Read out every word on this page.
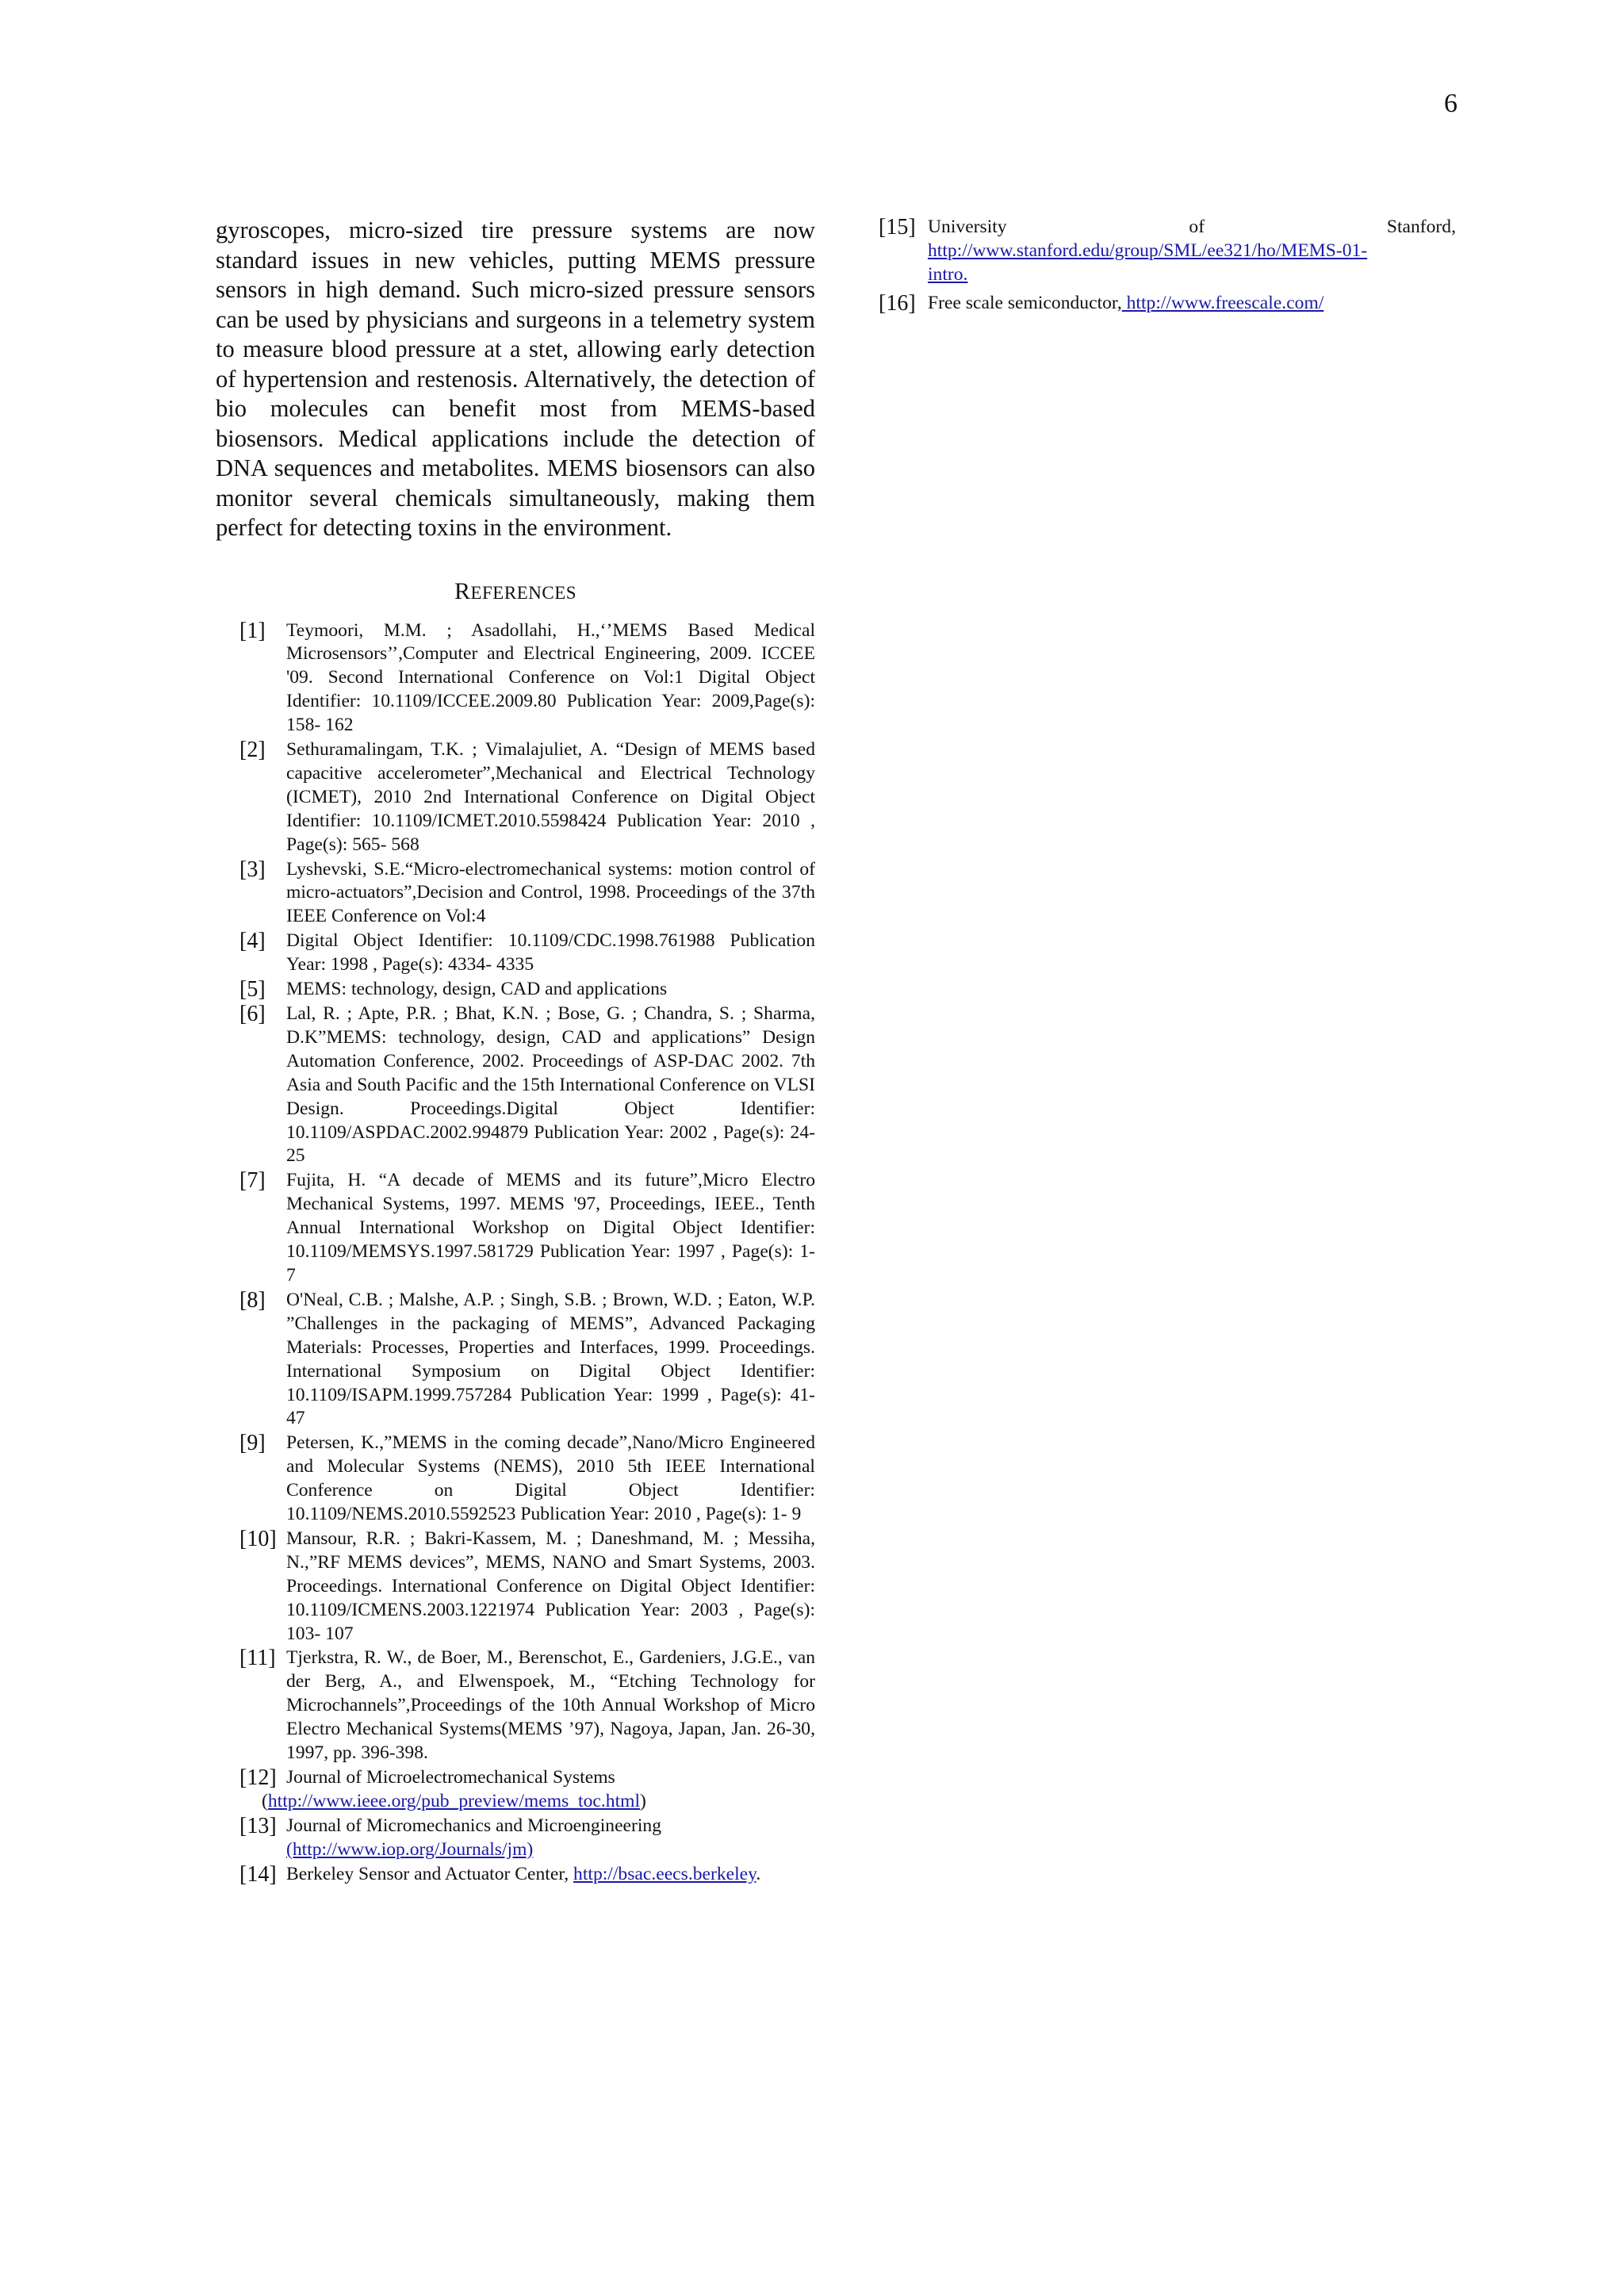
6

gyroscopes, micro-sized tire pressure systems are now standard issues in new vehicles, putting MEMS pressure sensors in high demand. Such micro-sized pressure sensors can be used by physicians and surgeons in a telemetry system to measure blood pressure at a stet, allowing early detection of hypertension and restenosis. Alternatively, the detection of bio molecules can benefit most from MEMS-based biosensors. Medical applications include the detection of DNA sequences and metabolites. MEMS biosensors can also monitor several chemicals simultaneously, making them perfect for detecting toxins in the environment.

REFERENCES
[1] Teymoori, M.M. ; Asadollahi, H.,‘’MEMS Based Medical Microsensors’’,Computer and Electrical Engineering, 2009. ICCEE '09. Second International Conference on Vol:1 Digital Object Identifier: 10.1109/ICCEE.2009.80 Publication Year: 2009,Page(s): 158- 162
[2] Sethuramalingam, T.K. ; Vimalajuliet, A. “Design of MEMS based capacitive accelerometer”,Mechanical and Electrical Technology (ICMET), 2010 2nd International Conference on Digital Object Identifier: 10.1109/ICMET.2010.5598424 Publication Year: 2010 , Page(s): 565- 568
[3] Lyshevski, S.E.“Micro-electromechanical systems: motion control of micro-actuators”,Decision and Control, 1998. Proceedings of the 37th IEEE Conference on Vol:4
[4] Digital Object Identifier: 10.1109/CDC.1998.761988 Publication Year: 1998 , Page(s): 4334- 4335
[5] MEMS: technology, design, CAD and applications
[6] Lal, R. ; Apte, P.R. ; Bhat, K.N. ; Bose, G. ; Chandra, S. ; Sharma, D.K”MEMS: technology, design, CAD and applications” Design Automation Conference, 2002. Proceedings of ASP-DAC 2002. 7th Asia and South Pacific and the 15th International Conference on VLSI Design. Proceedings.Digital Object Identifier: 10.1109/ASPDAC.2002.994879 Publication Year: 2002 , Page(s): 24- 25
[7] Fujita, H. “A decade of MEMS and its future”,Micro Electro Mechanical Systems, 1997. MEMS '97, Proceedings, IEEE., Tenth Annual International Workshop on Digital Object Identifier: 10.1109/MEMSYS.1997.581729 Publication Year: 1997 , Page(s): 1- 7
[8] O'Neal, C.B. ; Malshe, A.P. ; Singh, S.B. ; Brown, W.D. ; Eaton, W.P. ”Challenges in the packaging of MEMS”, Advanced Packaging Materials: Processes, Properties and Interfaces, 1999. Proceedings. International Symposium on Digital Object Identifier: 10.1109/ISAPM.1999.757284 Publication Year: 1999 , Page(s): 41- 47
[9] Petersen, K.,”MEMS in the coming decade”,Nano/Micro Engineered and Molecular Systems (NEMS), 2010 5th IEEE International Conference on Digital Object Identifier: 10.1109/NEMS.2010.5592523 Publication Year: 2010 , Page(s): 1- 9
[10] Mansour, R.R. ; Bakri-Kassem, M. ; Daneshmand, M. ; Messiha, N.,”RF MEMS devices”, MEMS, NANO and Smart Systems, 2003. Proceedings. International Conference on Digital Object Identifier: 10.1109/ICMENS.2003.1221974 Publication Year: 2003 , Page(s): 103- 107
[11] Tjerkstra, R. W., de Boer, M., Berenschot, E., Gardeniers, J.G.E., van der Berg, A., and Elwenspoek, M., “Etching Technology for Microchannels”,Proceedings of the 10th Annual Workshop of Micro Electro Mechanical Systems(MEMS ’97), Nagoya, Japan, Jan. 26-30, 1997, pp. 396-398.
[12] Journal of Microelectromechanical Systems
(http://www.ieee.org/pub_preview/mems_toc.html)
[13] Journal of Micromechanics and Microengineering
(http://www.iop.org/Journals/jm)
[14] Berkeley Sensor and Actuator Center, http://bsac.eecs.berkeley.
[15] University	of	Stanford,
http://www.stanford.edu/group/SML/ee321/ho/MEMS-01-
intro.
[16] Free scale semiconductor, http://www.freescale.com/
